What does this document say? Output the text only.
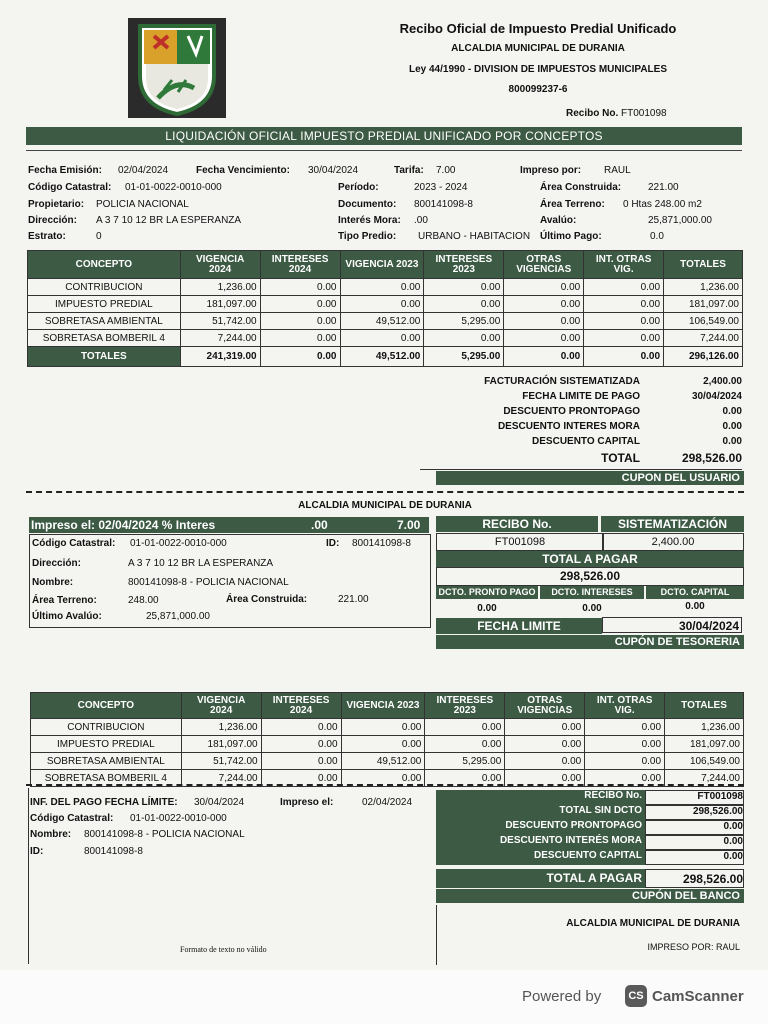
Recibo Oficial de Impuesto Predial Unificado
ALCALDIA MUNICIPAL DE DURANIA
Ley 44/1990 - DIVISION DE IMPUESTOS MUNICIPALES
800099237-6
Recibo No. FT001098
LIQUIDACIÓN OFICIAL IMPUESTO PREDIAL UNIFICADO POR CONCEPTOS
Fecha Emisión: 02/04/2024	Fecha Vencimiento: 30/04/2024	Tarifa: 7.00	Impreso por: RAUL
Código Catastral: 01-01-0022-0010-000	Período:	2023 - 2024	Área Construida:	221.00
Propietario: POLICIA NACIONAL	Documento: 800141098-8	Área Terreno: 0 Htas 248.00 m2
Dirección: A 3 7 10 12 BR LA ESPERANZA	Interés Mora: .00	Avalúo:	25,871,000.00
Estrato:	0	Tipo Predio: URBANO - HABITACION Último Pago:	0.0
CONCEPTO	VIGENCIA 2024	INTERESES 2024	VIGENCIA 2023	INTERESES 2023	OTRAS VIGENCIAS	INT. OTRAS VIG.	TOTALES
CONTRIBUCION	1,236.00	0.00	0.00	0.00	0.00	0.00	1,236.00
IMPUESTO PREDIAL	181,097.00	0.00	0.00	0.00	0.00	0.00	181,097.00
SOBRETASA AMBIENTAL	51,742.00	0.00	49,512.00	5,295.00	0.00	0.00	106,549.00
SOBRETASA BOMBERIL 4	7,244.00	0.00	0.00	0.00	0.00	0.00	7,244.00
TOTALES	241,319.00	0.00	49,512.00	5,295.00	0.00	0.00	296,126.00
FACTURACIÓN SISTEMATIZADA	2,400.00
FECHA LIMITE DE PAGO	30/04/2024
DESCUENTO PRONTOPAGO	0.00
DESCUENTO INTERES MORA	0.00
DESCUENTO CAPITAL	0.00
TOTAL	298,526.00
CUPON DEL USUARIO
ALCALDIA MUNICIPAL DE DURANIA
Impreso el: 02/04/2024 % Interes	.00	7.00
Código Catastral: 01-01-0022-0010-000	ID: 800141098-8
Dirección:	A 3 7 10 12 BR LA ESPERANZA
Nombre:	800141098-8 - POLICIA NACIONAL
Área Terreno:	248.00	Área Construida:	221.00
Último Avalúo:	25,871,000.00
RECIBO No.	SISTEMATIZACIÓN
FT001098	2,400.00
TOTAL A PAGAR
298,526.00
DCTO. PRONTO PAGO	DCTO. INTERESES	DCTO. CAPITAL
0.00	0.00	0.00
FECHA LIMITE	30/04/2024
CUPÓN DE TESORERIA
CONCEPTO	VIGENCIA 2024	INTERESES 2024	VIGENCIA 2023	INTERESES 2023	OTRAS VIGENCIAS	INT. OTRAS VIG.	TOTALES
CONTRIBUCION	1,236.00	0.00	0.00	0.00	0.00	0.00	1,236.00
IMPUESTO PREDIAL	181,097.00	0.00	0.00	0.00	0.00	0.00	181,097.00
SOBRETASA AMBIENTAL	51,742.00	0.00	49,512.00	5,295.00	0.00	0.00	106,549.00
SOBRETASA BOMBERIL 4	7,244.00	0.00	0.00	0.00	0.00	0.00	7,244.00
INF. DEL PAGO FECHA LÍMITE: 30/04/2024	Impreso el:	02/04/2024
Código Catastral: 01-01-0022-0010-000
Nombre: 800141098-8 - POLICIA NACIONAL
ID:	800141098-8
RECIBO No.	FT001098
TOTAL SIN DCTO	298,526.00
DESCUENTO PRONTOPAGO	0.00
DESCUENTO INTERÉS MORA	0.00
DESCUENTO CAPITAL	0.00
TOTAL A PAGAR	298,526.00
CUPÓN DEL BANCO
ALCALDIA MUNICIPAL DE DURANIA
IMPRESO POR: RAUL
Formato de texto no válido
Powered by	CS CamScanner
